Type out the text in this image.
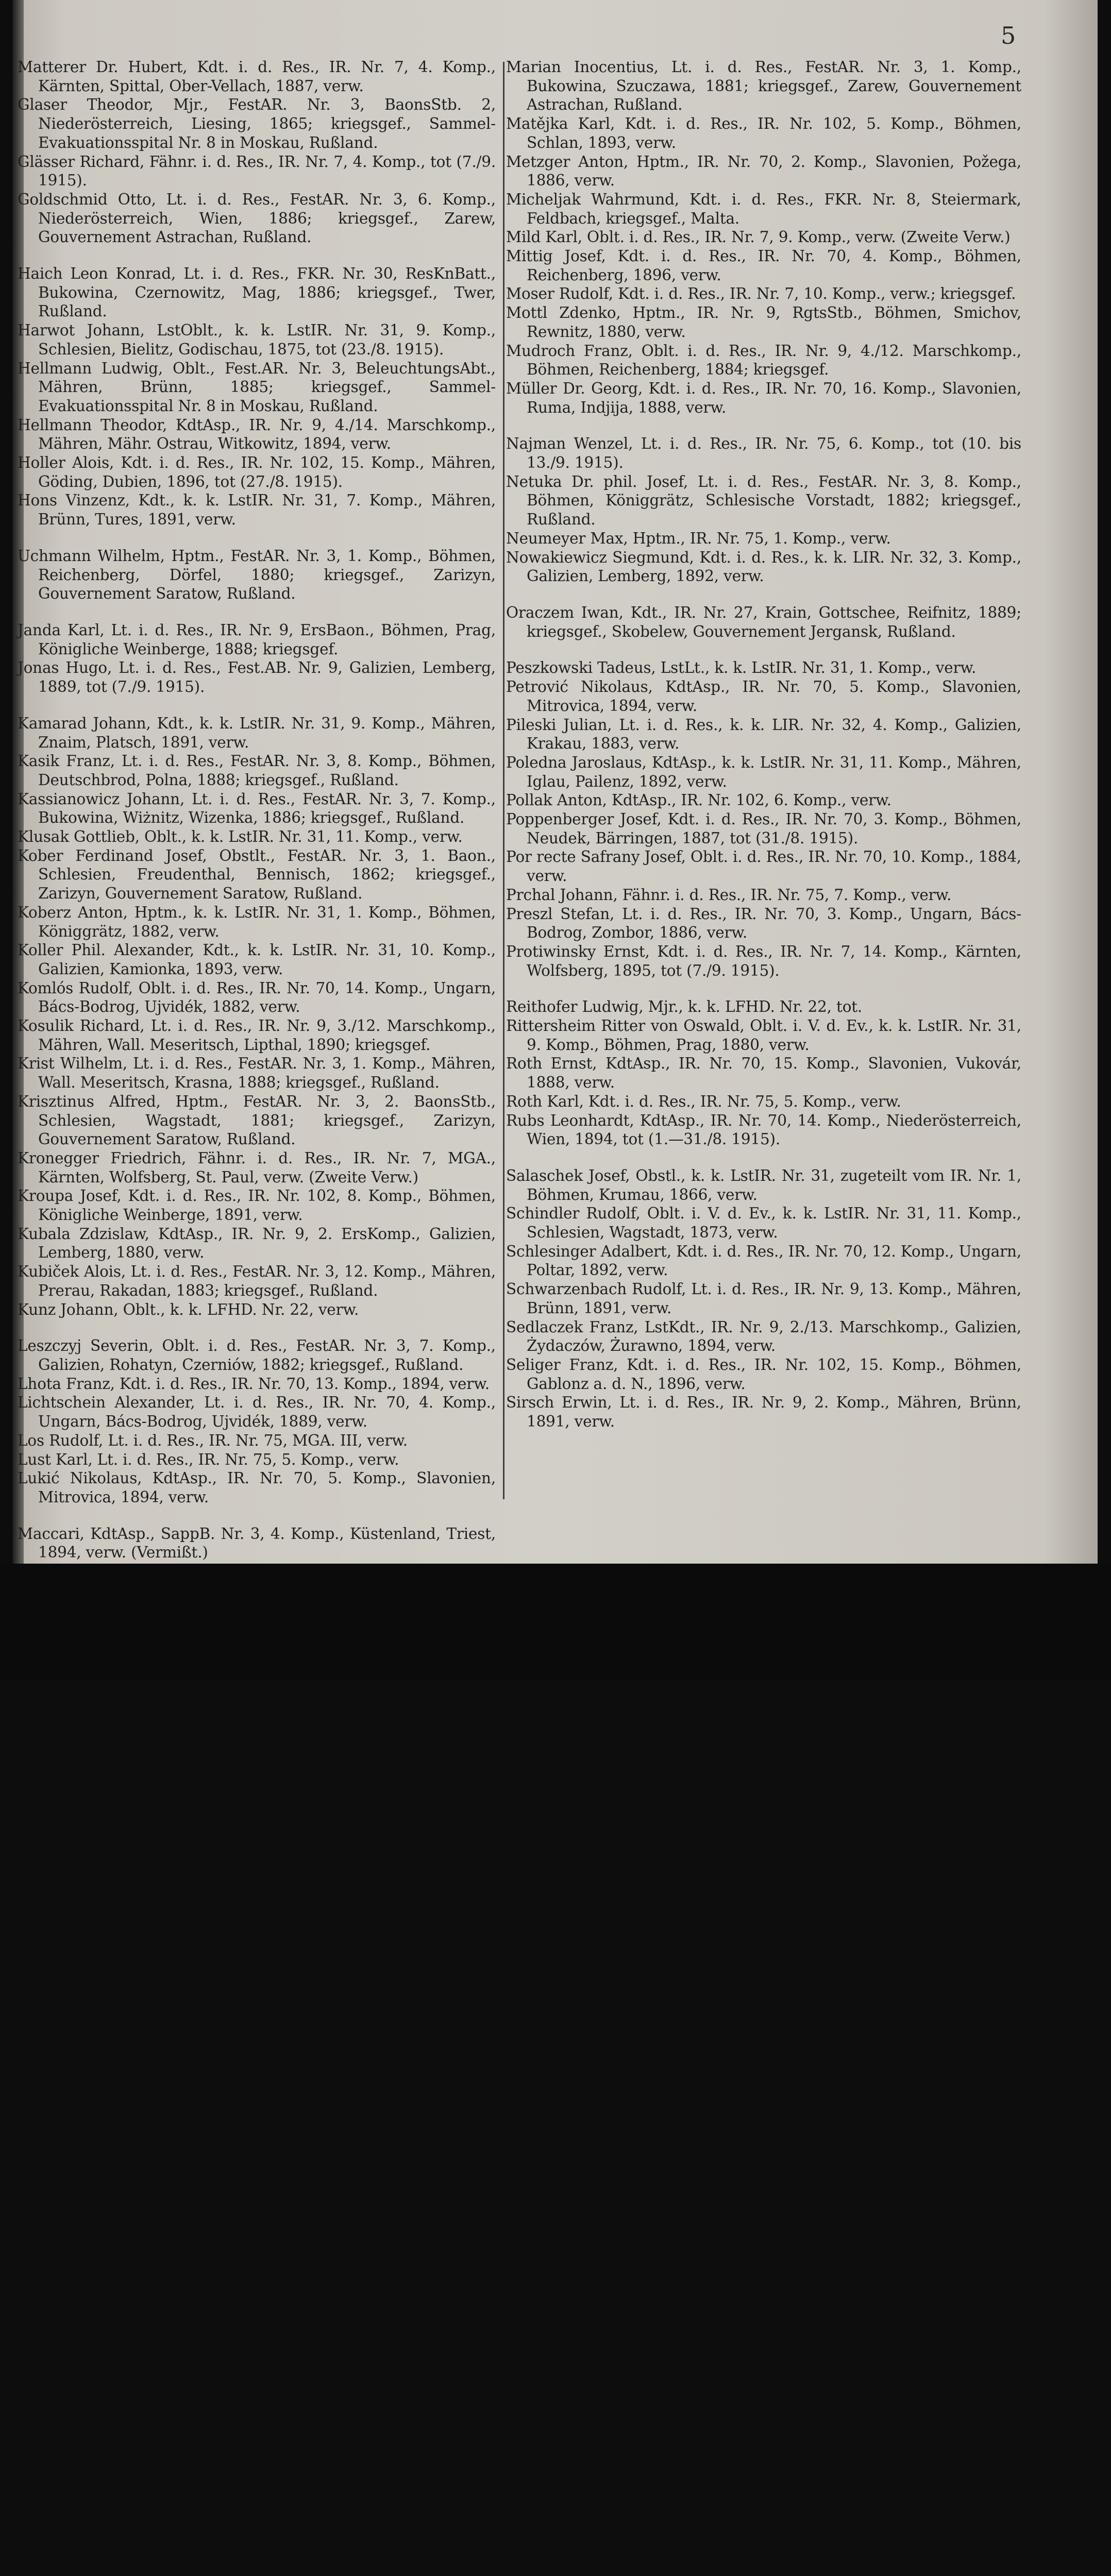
5

Matterer Dr. Hubert, Kdt. i. d. Res., IR. Nr. 7, 4. Komp., Kärnten, Spittal, Ober-Vellach, 1887, verw.

Glaser Theodor, Mjr., FestAR. Nr. 3, BaonsStb. 2, Niederösterreich, Liesing, 1865; kriegsgef., Sammel-Evakuationsspital Nr. 8 in Moskau, Rußland.

Glässer Richard, Fähnr. i. d. Res., IR. Nr. 7, 4. Komp., tot (7./9. 1915).

Goldschmid Otto, Lt. i. d. Res., FestAR. Nr. 3, 6. Komp., Niederösterreich, Wien, 1886; kriegsgef., Zarew, Gouvernement Astrachan, Rußland.

Haich Leon Konrad, Lt. i. d. Res., FKR. Nr. 30, ResKnBatt., Bukowina, Czernowitz, Mag, 1886; kriegsgef., Twer, Rußland.

Harwot Johann, LstOblt., k. k. LstIR. Nr. 31, 9. Komp., Schlesien, Bielitz, Godischau, 1875, tot (23./8. 1915).

Hellmann Ludwig, Oblt., Fest.AR. Nr. 3, BeleuchtungsAbt., Mähren, Brünn, 1885; kriegsgef., Sammel-Evakuationsspital Nr. 8 in Moskau, Rußland.

Hellmann Theodor, KdtAsp., IR. Nr. 9, 4./14. Marschkomp., Mähren, Mähr. Ostrau, Witkowitz, 1894, verw.

Holler Alois, Kdt. i. d. Res., IR. Nr. 102, 15. Komp., Mähren, Göding, Dubien, 1896, tot (27./8. 1915).

Hons Vinzenz, Kdt., k. k. LstIR. Nr. 31, 7. Komp., Mähren, Brünn, Tures, 1891, verw.

Uchmann Wilhelm, Hptm., FestAR. Nr. 3, 1. Komp., Böhmen, Reichenberg, Dörfel, 1880; kriegsgef., Zarizyn, Gouvernement Saratow, Rußland.

Janda Karl, Lt. i. d. Res., IR. Nr. 9, ErsBaon., Böhmen, Prag, Königliche Weinberge, 1888; kriegsgef.

Jonas Hugo, Lt. i. d. Res., Fest.AB. Nr. 9, Galizien, Lemberg, 1889, tot (7./9. 1915).

Kamarad Johann, Kdt., k. k. LstIR. Nr. 31, 9. Komp., Mähren, Znaim, Platsch, 1891, verw.

Kasik Franz, Lt. i. d. Res., FestAR. Nr. 3, 8. Komp., Böhmen, Deutschbrod, Polna, 1888; kriegsgef., Rußland.

Kassianowicz Johann, Lt. i. d. Res., FestAR. Nr. 3, 7. Komp., Bukowina, Wiżnitz, Wizenka, 1886; kriegsgef., Rußland.

Klusak Gottlieb, Oblt., k. k. LstIR. Nr. 31, 11. Komp., verw.

Kober Ferdinand Josef, Obstlt., FestAR. Nr. 3, 1. Baon., Schlesien, Freudenthal, Bennisch, 1862; kriegsgef., Zarizyn, Gouvernement Saratow, Rußland.

Koberz Anton, Hptm., k. k. LstIR. Nr. 31, 1. Komp., Böhmen, Königgrätz, 1882, verw.

Koller Phil. Alexander, Kdt., k. k. LstIR. Nr. 31, 10. Komp., Galizien, Kamionka, 1893, verw.

Komlós Rudolf, Oblt. i. d. Res., IR. Nr. 70, 14. Komp., Ungarn, Bács-Bodrog, Ujvidék, 1882, verw.

Kosulik Richard, Lt. i. d. Res., IR. Nr. 9, 3./12. Marschkomp., Mähren, Wall. Meseritsch, Lipthal, 1890; kriegsgef.

Krist Wilhelm, Lt. i. d. Res., FestAR. Nr. 3, 1. Komp., Mähren, Wall. Meseritsch, Krasna, 1888; kriegsgef., Rußland.

Krisztinus Alfred, Hptm., FestAR. Nr. 3, 2. BaonsStb., Schlesien, Wagstadt, 1881; kriegsgef., Zarizyn, Gouvernement Saratow, Rußland.

Kronegger Friedrich, Fähnr. i. d. Res., IR. Nr. 7, MGA., Kärnten, Wolfsberg, St. Paul, verw. (Zweite Verw.)

Kroupa Josef, Kdt. i. d. Res., IR. Nr. 102, 8. Komp., Böhmen, Königliche Weinberge, 1891, verw.

Kubala Zdzislaw, KdtAsp., IR. Nr. 9, 2. ErsKomp., Galizien, Lemberg, 1880, verw.

Kubiček Alois, Lt. i. d. Res., FestAR. Nr. 3, 12. Komp., Mähren, Prerau, Rakadan, 1883; kriegsgef., Rußland.

Kunz Johann, Oblt., k. k. LFHD. Nr. 22, verw.

Leszczyj Severin, Oblt. i. d. Res., FestAR. Nr. 3, 7. Komp., Galizien, Rohatyn, Czerniów, 1882; kriegsgef., Rußland.

Lhota Franz, Kdt. i. d. Res., IR. Nr. 70, 13. Komp., 1894, verw.

Lichtschein Alexander, Lt. i. d. Res., IR. Nr. 70, 4. Komp., Ungarn, Bács-Bodrog, Ujvidék, 1889, verw.

Los Rudolf, Lt. i. d. Res., IR. Nr. 75, MGA. III, verw.

Lust Karl, Lt. i. d. Res., IR. Nr. 75, 5. Komp., verw.

Lukić Nikolaus, KdtAsp., IR. Nr. 70, 5. Komp., Slavonien, Mitrovica, 1894, verw.

Maccari, KdtAsp., SappB. Nr. 3, 4. Komp., Küstenland, Triest, 1894, verw. (Vermißt.)

Marian Inocentius, Lt. i. d. Res., FestAR. Nr. 3, 1. Komp., Bukowina, Szuczawa, 1881; kriegsgef., Zarew, Gouvernement Astrachan, Rußland.

Matějka Karl, Kdt. i. d. Res., IR. Nr. 102, 5. Komp., Böhmen, Schlan, 1893, verw.

Metzger Anton, Hptm., IR. Nr. 70, 2. Komp., Slavonien, Požega, 1886, verw.

Micheljak Wahrmund, Kdt. i. d. Res., FKR. Nr. 8, Steiermark, Feldbach, kriegsgef., Malta.

Mild Karl, Oblt. i. d. Res., IR. Nr. 7, 9. Komp., verw. (Zweite Verw.)

Mittig Josef, Kdt. i. d. Res., IR. Nr. 70, 4. Komp., Böhmen, Reichenberg, 1896, verw.

Moser Rudolf, Kdt. i. d. Res., IR. Nr. 7, 10. Komp., verw.; kriegsgef.

Mottl Zdenko, Hptm., IR. Nr. 9, RgtsStb., Böhmen, Smichov, Rewnitz, 1880, verw.

Mudroch Franz, Oblt. i. d. Res., IR. Nr. 9, 4./12. Marschkomp., Böhmen, Reichenberg, 1884; kriegsgef.

Müller Dr. Georg, Kdt. i. d. Res., IR. Nr. 70, 16. Komp., Slavonien, Ruma, Indjija, 1888, verw.

Najman Wenzel, Lt. i. d. Res., IR. Nr. 75, 6. Komp., tot (10. bis 13./9. 1915).

Netuka Dr. phil. Josef, Lt. i. d. Res., FestAR. Nr. 3, 8. Komp., Böhmen, Königgrätz, Schlesische Vorstadt, 1882; kriegsgef., Rußland.

Neumeyer Max, Hptm., IR. Nr. 75, 1. Komp., verw.

Nowakiewicz Siegmund, Kdt. i. d. Res., k. k. LIR. Nr. 32, 3. Komp., Galizien, Lemberg, 1892, verw.

Oraczem Iwan, Kdt., IR. Nr. 27, Krain, Gottschee, Reifnitz, 1889; kriegsgef., Skobelew, Gouvernement Jergansk, Rußland.

Peszkowski Tadeus, LstLt., k. k. LstIR. Nr. 31, 1. Komp., verw.

Petrović Nikolaus, KdtAsp., IR. Nr. 70, 5. Komp., Slavonien, Mitrovica, 1894, verw.

Pileski Julian, Lt. i. d. Res., k. k. LIR. Nr. 32, 4. Komp., Galizien, Krakau, 1883, verw.

Poledna Jaroslaus, KdtAsp., k. k. LstIR. Nr. 31, 11. Komp., Mähren, Iglau, Pailenz, 1892, verw.

Pollak Anton, KdtAsp., IR. Nr. 102, 6. Komp., verw.

Poppenberger Josef, Kdt. i. d. Res., IR. Nr. 70, 3. Komp., Böhmen, Neudek, Bärringen, 1887, tot (31./8. 1915).

Por recte Safrany Josef, Oblt. i. d. Res., IR. Nr. 70, 10. Komp., 1884, verw.

Prchal Johann, Fähnr. i. d. Res., IR. Nr. 75, 7. Komp., verw.

Preszl Stefan, Lt. i. d. Res., IR. Nr. 70, 3. Komp., Ungarn, Bács-Bodrog, Zombor, 1886, verw.

Protiwinsky Ernst, Kdt. i. d. Res., IR. Nr. 7, 14. Komp., Kärnten, Wolfsberg, 1895, tot (7./9. 1915).

Reithofer Ludwig, Mjr., k. k. LFHD. Nr. 22, tot.

Rittersheim Ritter von Oswald, Oblt. i. V. d. Ev., k. k. LstIR. Nr. 31, 9. Komp., Böhmen, Prag, 1880, verw.

Roth Ernst, KdtAsp., IR. Nr. 70, 15. Komp., Slavonien, Vukovár, 1888, verw.

Roth Karl, Kdt. i. d. Res., IR. Nr. 75, 5. Komp., verw.

Rubs Leonhardt, KdtAsp., IR. Nr. 70, 14. Komp., Niederösterreich, Wien, 1894, tot (1.—31./8. 1915).

Salaschek Josef, Obstl., k. k. LstIR. Nr. 31, zugeteilt vom IR. Nr. 1, Böhmen, Krumau, 1866, verw.

Schindler Rudolf, Oblt. i. V. d. Ev., k. k. LstIR. Nr. 31, 11. Komp., Schlesien, Wagstadt, 1873, verw.

Schlesinger Adalbert, Kdt. i. d. Res., IR. Nr. 70, 12. Komp., Ungarn, Poltar, 1892, verw.

Schwarzenbach Rudolf, Lt. i. d. Res., IR. Nr. 9, 13. Komp., Mähren, Brünn, 1891, verw.

Sedlaczek Franz, LstKdt., IR. Nr. 9, 2./13. Marschkomp., Galizien, Żydaczów, Żurawno, 1894, verw.

Seliger Franz, Kdt. i. d. Res., IR. Nr. 102, 15. Komp., Böhmen, Gablonz a. d. N., 1896, verw.

Sirsch Erwin, Lt. i. d. Res., IR. Nr. 9, 2. Komp., Mähren, Brünn, 1891, verw.
